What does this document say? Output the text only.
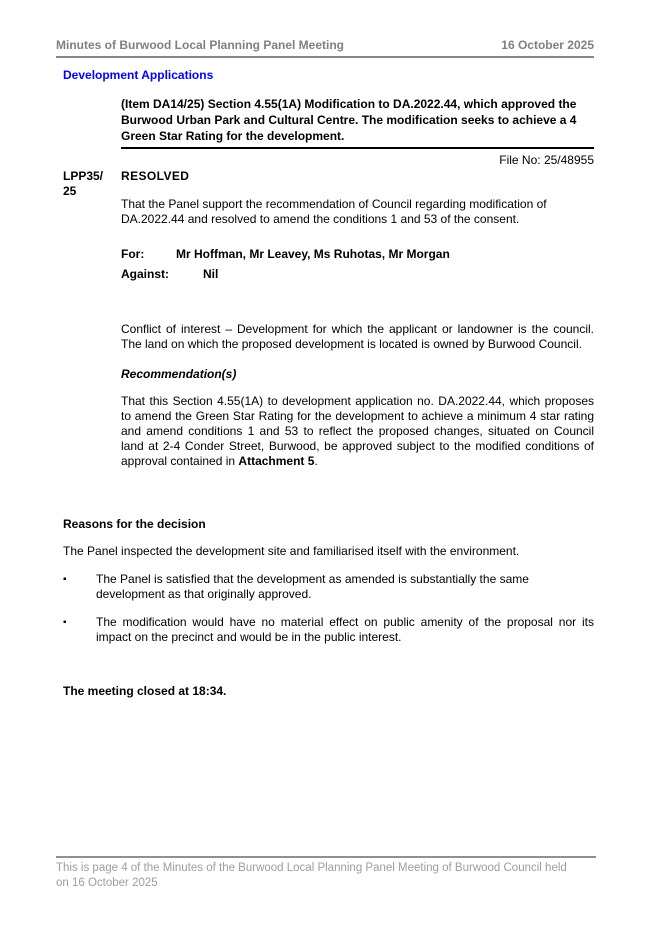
Minutes of Burwood Local Planning Panel Meeting	16 October 2025
Development Applications
(Item DA14/25) Section 4.55(1A) Modification to DA.2022.44, which approved the Burwood Urban Park and Cultural Centre. The modification seeks to achieve a 4 Green Star Rating for the development.
File No: 25/48955
LPP35/
25
RESOLVED
That the Panel support the recommendation of Council regarding modification of DA.2022.44 and resolved to amend the conditions 1 and 53 of the consent.
For:	Mr Hoffman, Mr Leavey, Ms Ruhotas, Mr Morgan
Against:	Nil
Conflict of interest – Development for which the applicant or landowner is the council. The land on which the proposed development is located is owned by Burwood Council.
Recommendation(s)
That this Section 4.55(1A) to development application no. DA.2022.44, which proposes to amend the Green Star Rating for the development to achieve a minimum 4 star rating and amend conditions 1 and 53 to reflect the proposed changes, situated on Council land at 2-4 Conder Street, Burwood, be approved subject to the modified conditions of approval contained in Attachment 5.
Reasons for the decision
The Panel inspected the development site and familiarised itself with the environment.
▪	The Panel is satisfied that the development as amended is substantially the same development as that originally approved.
▪	The modification would have no material effect on public amenity of the proposal nor its impact on the precinct and would be in the public interest.
The meeting closed at 18:34.
This is page 4 of the Minutes of the Burwood Local Planning Panel Meeting of Burwood Council held on 16 October 2025
